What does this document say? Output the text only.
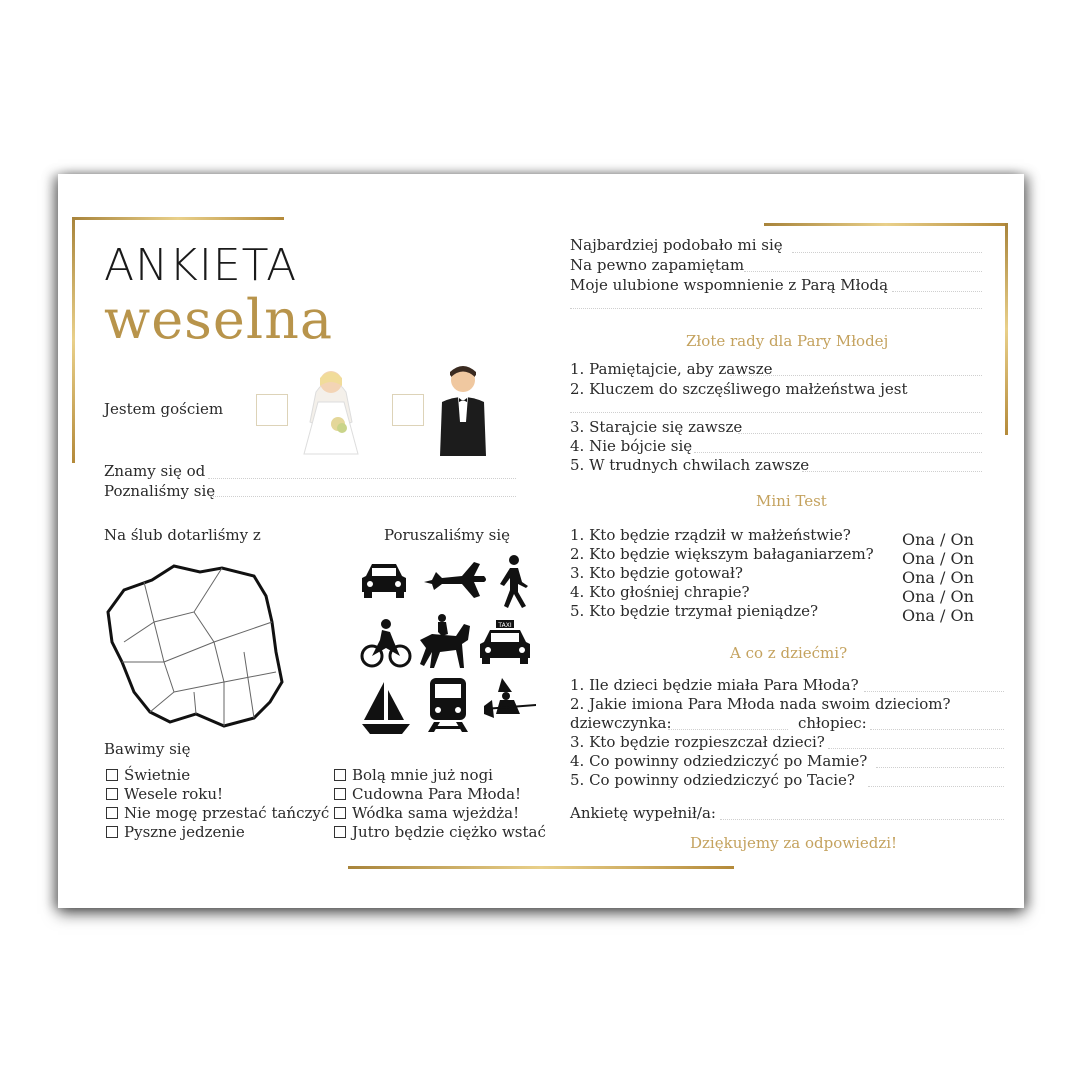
ANKIETA
weselna
Jestem gościem
Znamy się od
Poznaliśmy się
Na ślub dotarliśmy z	Poruszaliśmy się
TAXI
Bawimy się
Świetnie
Wesele roku!
Nie mogę przestać tańczyć
Pyszne jedzenie
Bolą mnie już nogi
Cudowna Para Młoda!
Wódka sama wjeżdża!
Jutro będzie ciężko wstać
Najbardziej podobało mi się
Na pewno zapamiętam
Moje ulubione wspomnienie z Parą Młodą
Złote rady dla Pary Młodej
1. Pamiętajcie, aby zawsze
2. Kluczem do szczęśliwego małżeństwa jest
3. Starajcie się zawsze
4. Nie bójcie się
5. W trudnych chwilach zawsze
Mini Test
1. Kto będzie rządził w małżeństwie?
2. Kto będzie większym bałaganiarzem?
3. Kto będzie gotował?
4. Kto głośniej chrapie?
5. Kto będzie trzymał pieniądze?
Ona / On
Ona / On
Ona / On
Ona / On
Ona / On
A co z dziećmi?
1. Ile dzieci będzie miała Para Młoda?
2. Jakie imiona Para Młoda nada swoim dzieciom?
dziewczynka:	chłopiec:
3. Kto będzie rozpieszczał dzieci?
4. Co powinny odziedziczyć po Mamie?
5. Co powinny odziedziczyć po Tacie?
Ankietę wypełnił/a:
Dziękujemy za odpowiedzi!
